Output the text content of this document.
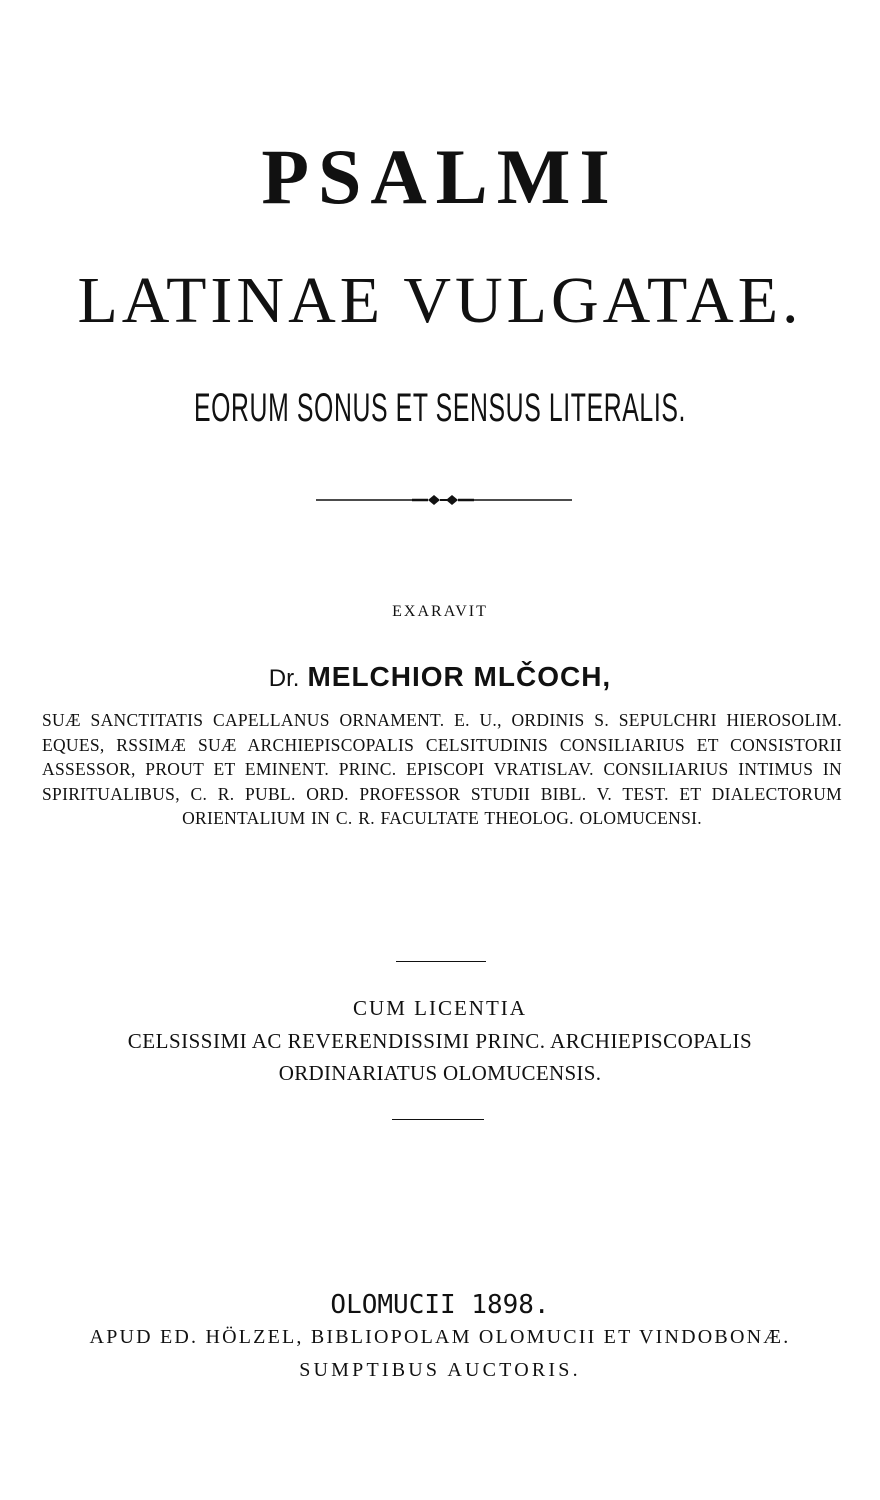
PSALMI
LATINAE VULGATAE.
EORUM SONUS ET SENSUS LITERALIS.
EXARAVIT
Dr. MELCHIOR MLČOCH,
SUÆ SANCTITATIS CAPELLANUS ORNAMENT. E. U., ORDINIS S. SEPULCHRI HIEROSOLIM. EQUES, RSSIMÆ SUÆ ARCHIEPISCOPALIS CELSITUDINIS CONSILIARIUS ET CONSISTORII ASSESSOR, PROUT ET EMINENT. PRINC. EPISCOPI VRATISLAV. CONSILIARIUS INTIMUS IN SPIRITUALIBUS, C. R. PUBL. ORD. PROFESSOR STUDII BIBL. V. TEST. ET DIALECTORUM ORIENTALIUM IN C. R. FACULTATE THEOLOG. OLOMUCENSI.
CUM LICENTIA
CELSISSIMI AC REVERENDISSIMI PRINC. ARCHIEPISCOPALIS
ORDINARIATUS OLOMUCENSIS.
OLOMUCII 1898.
APUD ED. HÖLZEL, BIBLIOPOLAM OLOMUCII ET VINDOBONÆ.
SUMPTIBUS AUCTORIS.
